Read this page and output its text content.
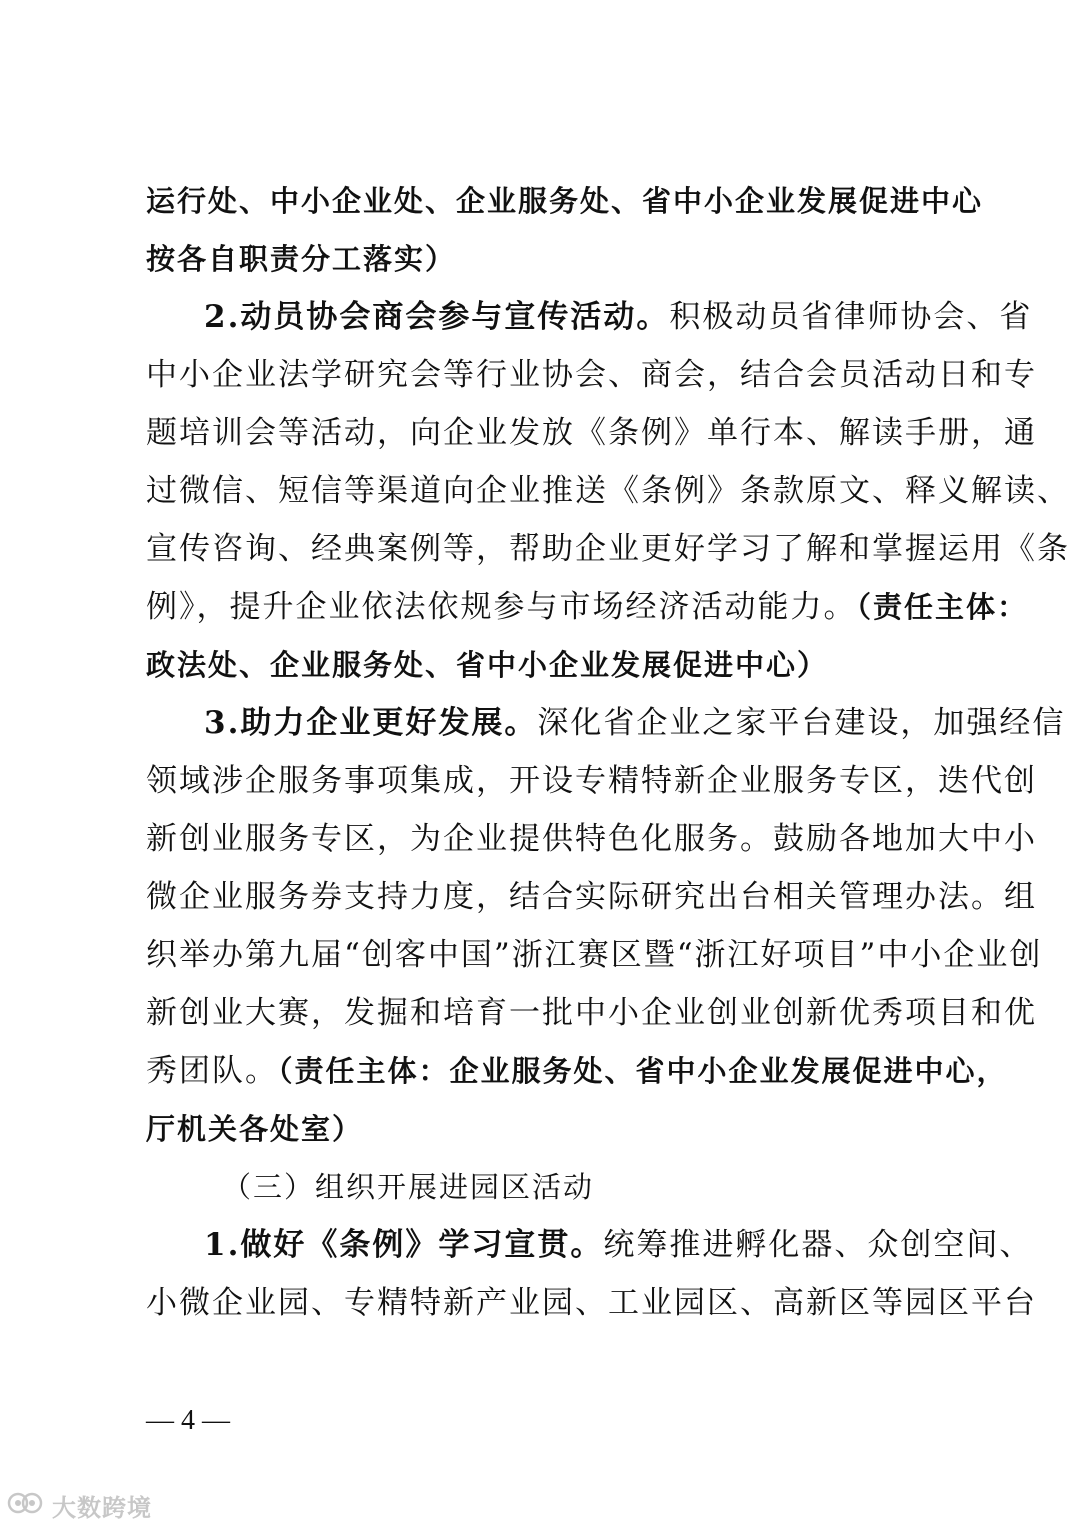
运行处、中小企业处、企业服务处、省中小企业发展促进中心
按各自职责分工落实）
2.动员协会商会参与宣传活动。积极动员省律师协会、省
中小企业法学研究会等行业协会、商会，结合会员活动日和专
题培训会等活动，向企业发放《条例》单行本、解读手册，通
过微信、短信等渠道向企业推送《条例》条款原文、释义解读、
宣传咨询、经典案例等，帮助企业更好学习了解和掌握运用《条
例》，提升企业依法依规参与市场经济活动能力。（责任主体：
政法处、企业服务处、省中小企业发展促进中心）
3.助力企业更好发展。深化省企业之家平台建设，加强经信
领域涉企服务事项集成，开设专精特新企业服务专区，迭代创
新创业服务专区，为企业提供特色化服务。鼓励各地加大中小
微企业服务券支持力度，结合实际研究出台相关管理办法。组
织举办第九届“创客中国”浙江赛区暨“浙江好项目”中小企业创
新创业大赛，发掘和培育一批中小企业创业创新优秀项目和优
秀团队。（责任主体：企业服务处、省中小企业发展促进中心，
厅机关各处室）
（三）组织开展进园区活动
1.做好《条例》学习宣贯。统筹推进孵化器、众创空间、
小微企业园、专精特新产业园、工业园区、高新区等园区平台
— 4 —
大数跨境
